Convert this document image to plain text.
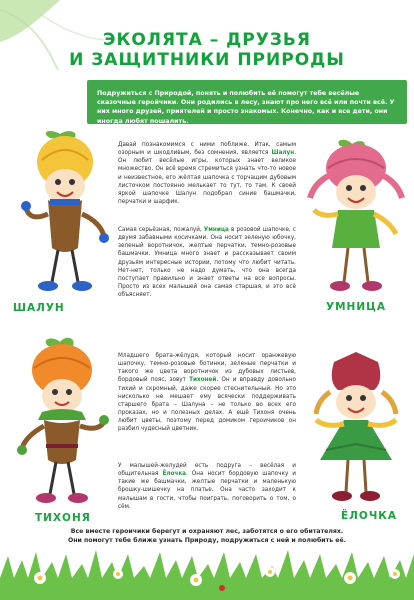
ЭКОЛЯТА – ДРУЗЬЯ
И ЗАЩИТНИКИ ПРИРОДЫ
Подружиться с Природой, понять и полюбить её помогут тебе весёлые сказочные герoйчики. Они родились в лесу, знают про него всё или почти всё. У них много друзей, приятелей и просто знакомых. Конечно, как и все дети, они иногда любят пошалить.
ШАЛУН	УМНИЦА
ТИХОНЯ	ЁЛОЧКА
Давай познакомимся с ними поближе. Итак, самым озорным и шкодливым, без сомнения, является Шалун. Он любит весёлые игры, которых знает великое множество. Он всё время стремиться узнать что-то новое и неизвестное, его жёлтая шапочка с торчащим дубовым листочком постоянно мелькает то тут, то там. К своей яркой шапочке Шалун подобрал синие башмачки, перчатки и шарфик.
Самая серьёзная, пожалуй, Умница в розовой шапочке, с двумя забавными косичками. Она носит зеленую юбочку, зеленый воротничок, желтые перчатки, темно-розовые башмачки. Умница много знает и рассказывает своим друзьям интересные истории, потому что любит читать. Нет-нет, только не надо думать, что она всегда поступает правильно и знает ответы на все вопросы. Просто из всех малышей она самая старшая, и это всё объясняет.
Младшего брата-жёлудя, который носит оранжевую шапочку, темно-розовые ботинки, зеленые перчатки и такого же цвета воротничок из дубовых листьев, бордовый пояс, зовут Тихоней. Он и вправду довольно тихий и скромный, даже скорее стеснительный. Но это нисколько не мешает ему всячески поддерживать старшего брата – Шалуна – не только во всех его проказах, но и полезных делах. А ещё Тихоня очень любит цветы, поэтому перед домиком героичиков он разбил чудесный цветник.
У малышей-желудей есть подруга – весёлая и общительная Ёлочка. Она носит бордовую шапочку и такие же башмачки, желтые перчатки и маленькую брошку-шишечку на платье. Она часто заходит к малышам в гости, чтобы поиграть, поговорить о том, о сём.
Все вместе героичики берегут и охраняют лес, заботятся о его обитателях.
Они помогут тебе ближе узнать Природу, подружиться с ней и полюбить её.
